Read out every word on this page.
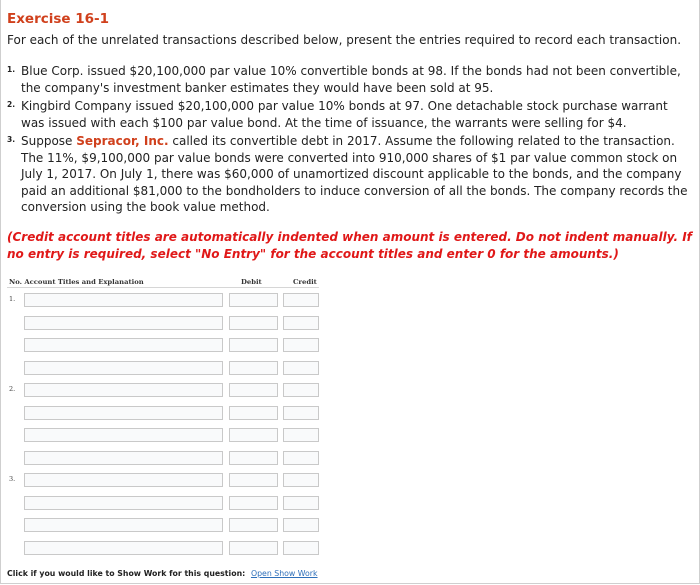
Exercise 16-1
For each of the unrelated transactions described below, present the entries required to record each transaction.
1. Blue Corp. issued $20,100,000 par value 10% convertible bonds at 98. If the bonds had not been convertible, the company's investment banker estimates they would have been sold at 95.
2. Kingbird Company issued $20,100,000 par value 10% bonds at 97. One detachable stock purchase warrant was issued with each $100 par value bond. At the time of issuance, the warrants were selling for $4.
3. Suppose Sepracor, Inc. called its convertible debt in 2017. Assume the following related to the transaction. The 11%, $9,100,000 par value bonds were converted into 910,000 shares of $1 par value common stock on July 1, 2017. On July 1, there was $60,000 of unamortized discount applicable to the bonds, and the company paid an additional $81,000 to the bondholders to induce conversion of all the bonds. The company records the conversion using the book value method.
(Credit account titles are automatically indented when amount is entered. Do not indent manually. If no entry is required, select "No Entry" for the account titles and enter 0 for the amounts.)
No. Account Titles and Explanation	Debit	Credit
1.
2.
3.
Click if you would like to Show Work for this question: Open Show Work
